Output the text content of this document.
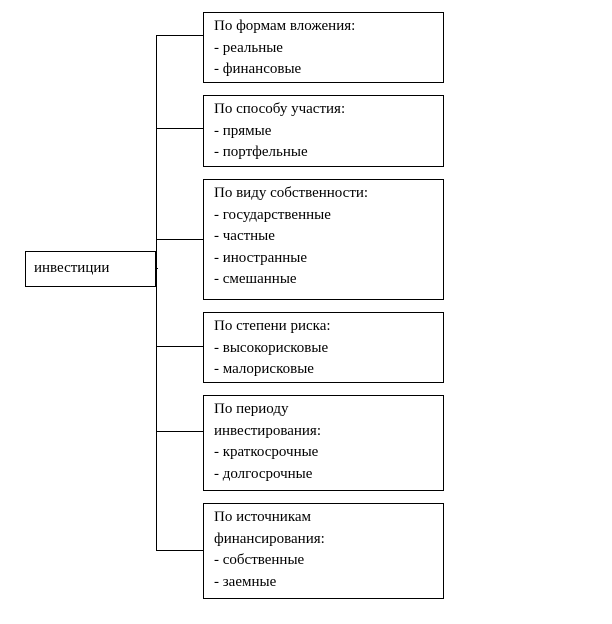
инвестиции
По формам вложения:
- реальные
- финансовые
По способу участия:
- прямые
- портфельные
По виду собственности:
- государственные
- частные
- иностранные
- смешанные
По степени риска:
- высокорисковые
- малорисковые
По периоду
инвестирования:
- краткосрочные
- долгосрочные
По источникам
финансирования:
- собственные
- заемные
